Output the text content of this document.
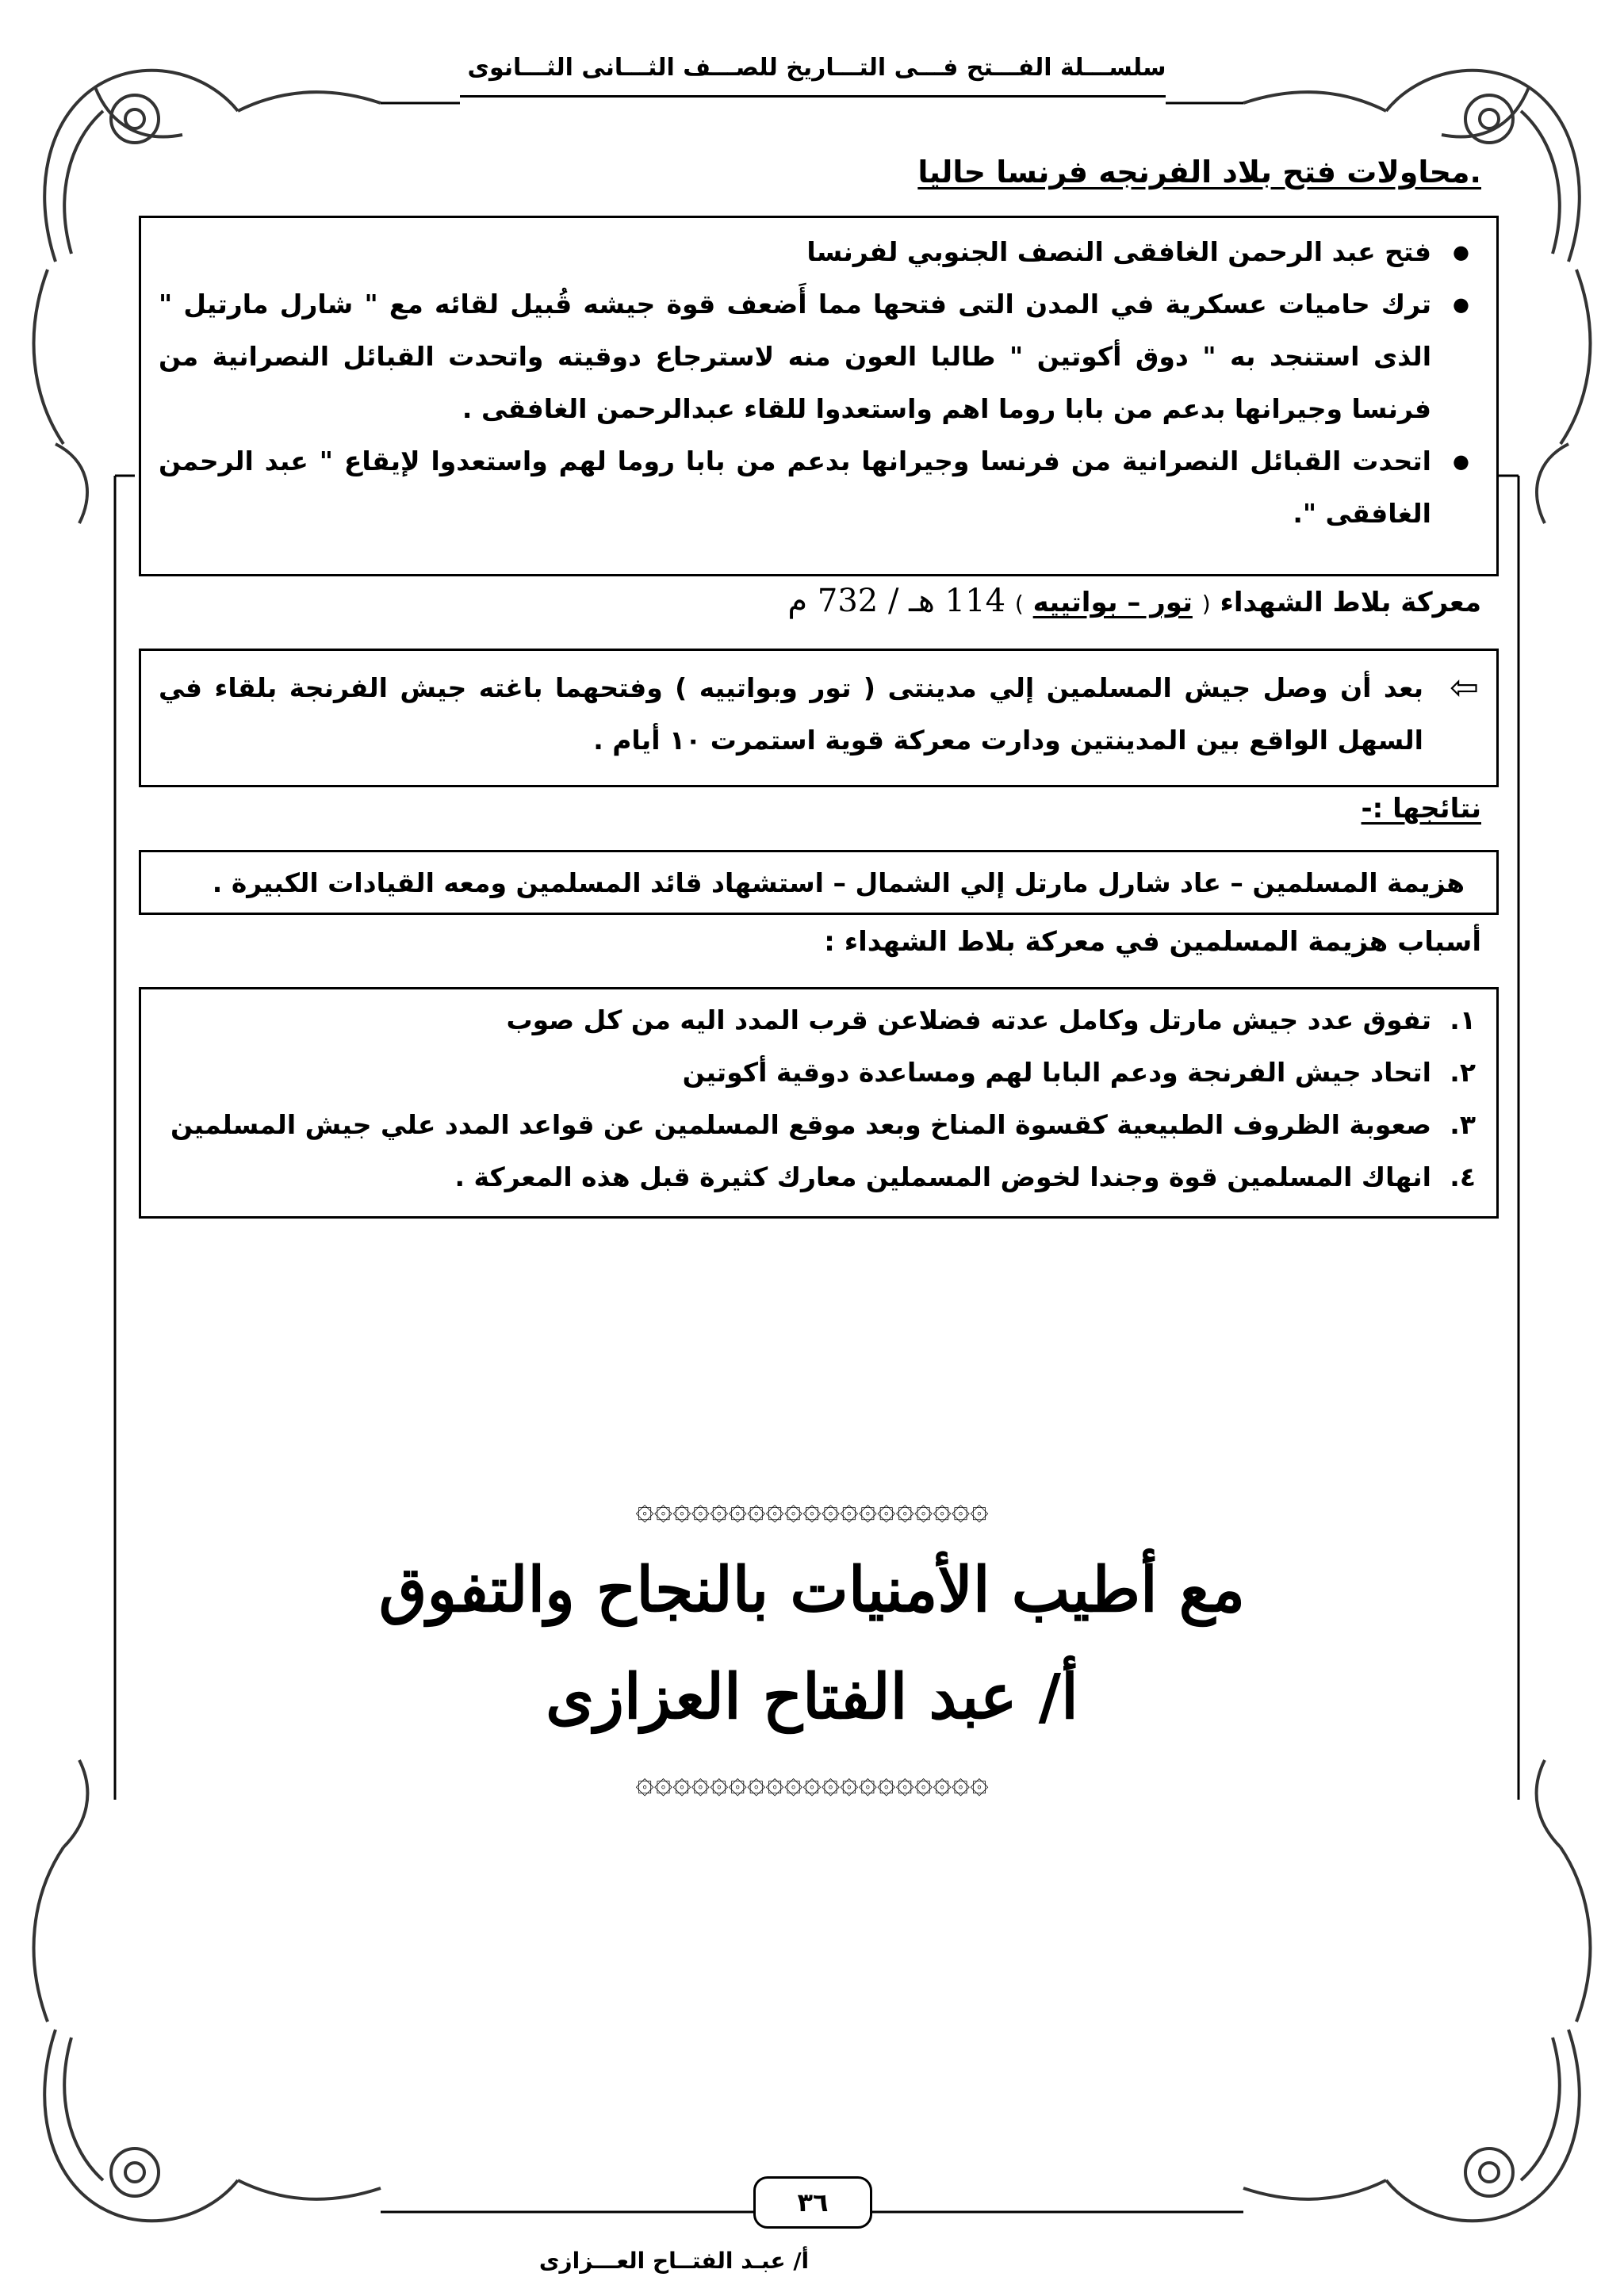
سلســـلة الفـــتح فـــى التـــاريخ للصـــف الثـــانى الثـــانوى
.محاولات فتح بلاد الفرنجه فرنسا حاليا
● فتح عبد الرحمن الغافقى النصف الجنوبي لفرنسا
● ترك حاميات عسكرية في المدن التى فتحها مما أَضعف قوة جيشه قُبيل لقائه مع " شارل مارتيل " الذى استنجد به " دوق أكوتين " طالبا العون منه لاسترجاع دوقيته واتحدت القبائل النصرانية من فرنسا وجيرانها بدعم من بابا روما اهم واستعدوا للقاء عبدالرحمن الغافقى .
● اتحدت القبائل النصرانية من فرنسا وجيرانها بدعم من بابا روما لهم واستعدوا لإيقاع " عبد الرحمن الغافقى ".
معركة بلاط الشهداء ( تور – بواتييه ) 114 هـ / 732 م
⇦

بعد أن وصل جيش المسلمين إلي مدينتى ( تور وبواتييه ) وفتحهما باغته جيش الفرنجة بلقاء في السهل الواقع بين المدينتين ودارت معركة قوية استمرت ١٠ أيام .

نتائجها :-

هزيمة المسلمين – عاد شارل مارتل إلي الشمال – استشهاد قائد المسلمين ومعه القيادات الكبيرة .

أسباب هزيمة المسلمين في معركة بلاط الشهداء :
١.
تفوق عدد جيش مارتل وكامل عدته فضلاعن قرب المدد اليه من كل صوب
٢.
اتحاد جيش الفرنجة ودعم البابا لهم ومساعدة دوقية أكوتين
٣.
صعوبة الظروف الطبيعية كقسوة المناخ وبعد موقع المسلمين عن قواعد المدد علي جيش المسلمين
٤.
انهاك المسلمين قوة وجندا لخوض المسملين معارك كثيرة قبل هذه المعركة .
۞۞۞۞۞۞۞۞۞۞۞۞۞۞۞۞۞۞۞
مع أطيب الأمنيات بالنجاح والتفوق
أ/ عبد الفتاح العزازى
۞۞۞۞۞۞۞۞۞۞۞۞۞۞۞۞۞۞۞
٣٦
أ/ عبـد الفتــاح العـــزازى
